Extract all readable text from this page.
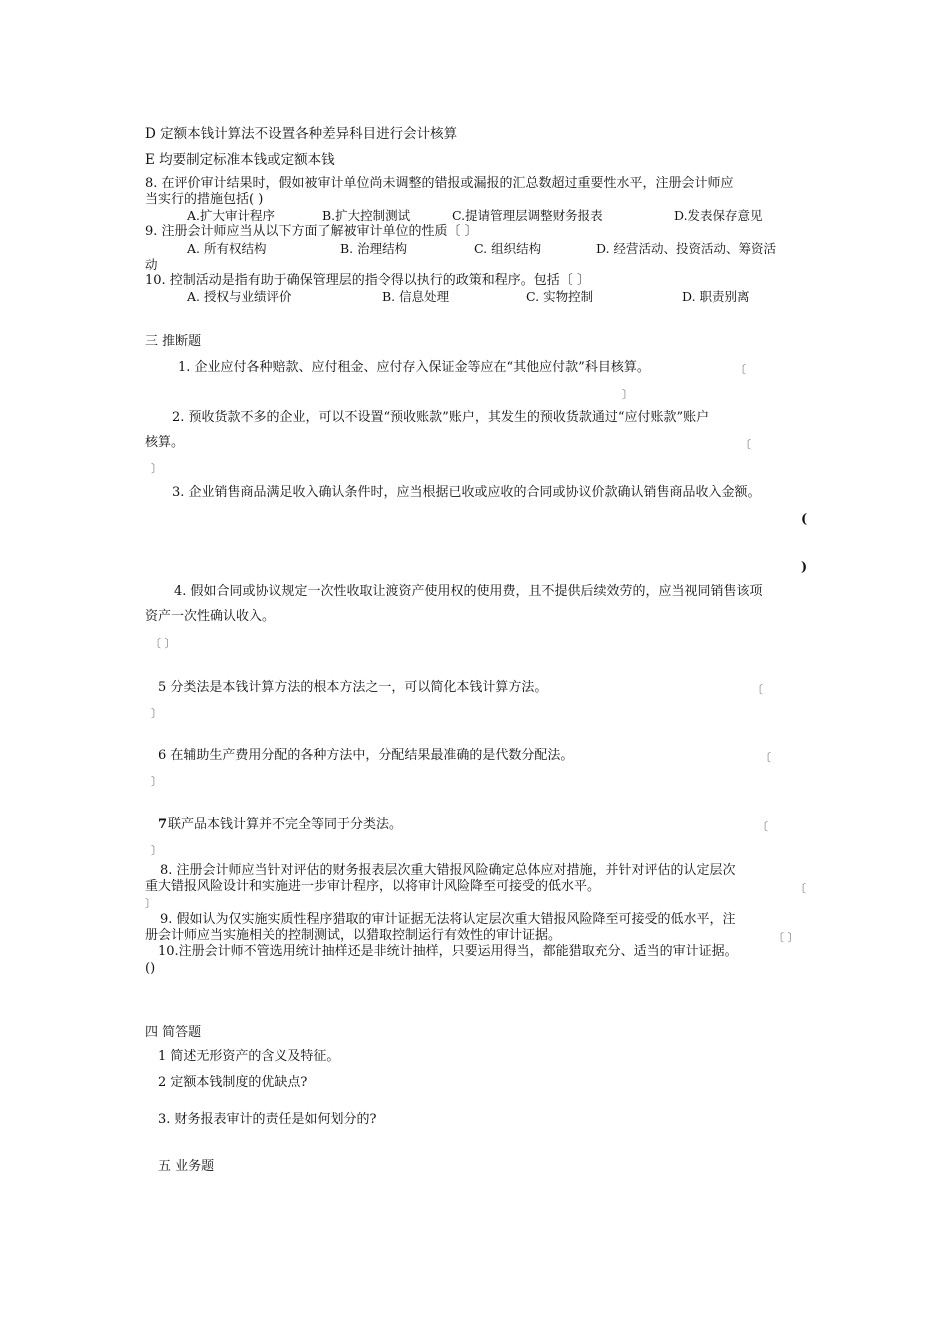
D 定额本钱计算法不设置各种差异科目进行会计核算
E 均要制定标准本钱或定额本钱
8. 在评价审计结果时，假如被审计单位尚未调整的错报或漏报的汇总数超过重要性水平，注册会计师应
当实行的措施包括( )
A.扩大审计程序	B.扩大控制测试	C.提请管理层调整财务报表	D.发表保存意见
9. 注册会计师应当从以下方面了解被审计单位的性质〔 〕
A. 所有权结构	B. 治理结构	C. 组织结构	D. 经营活动、投资活动、筹资活
动
10. 控制活动是指有助于确保管理层的指令得以执行的政策和程序。包括〔 〕
A. 授权与业绩评价	B. 信息处理	C. 实物控制	D. 职责别离
三 推断题
1. 企业应付各种赔款、应付租金、应付存入保证金等应在“其他应付款”科目核算。	〔
〕
2. 预收货款不多的企业，可以不设置“预收账款”账户，其发生的预收货款通过“应付账款”账户
核算。	〔
〕
3. 企业销售商品满足收入确认条件时，应当根据已收或应收的合同或协议价款确认销售商品收入金额。
(
)
4. 假如合同或协议规定一次性收取让渡资产使用权的使用费，且不提供后续效劳的，应当视同销售该项
资产一次性确认收入。
〔 〕
5 分类法是本钱计算方法的根本方法之一，可以简化本钱计算方法。	〔
〕
6 在辅助生产费用分配的各种方法中，分配结果最准确的是代数分配法。	〔
〕
7 联产品本钱计算并不完全等同于分类法。	〔
〕
8. 注册会计师应当针对评估的财务报表层次重大错报风险确定总体应对措施，并针对评估的认定层次
重大错报风险设计和实施进一步审计程序，以将审计风险降至可接受的低水平。	〔
〕
9. 假如认为仅实施实质性程序猎取的审计证据无法将认定层次重大错报风险降至可接受的低水平，注
册会计师应当实施相关的控制测试，以猎取控制运行有效性的审计证据。	〔 〕
10.注册会计师不管选用统计抽样还是非统计抽样，只要运用得当，都能猎取充分、适当的审计证据。
()
四 简答题
1 简述无形资产的含义及特征。
2 定额本钱制度的优缺点?
3. 财务报表审计的责任是如何划分的?
五 业务题
